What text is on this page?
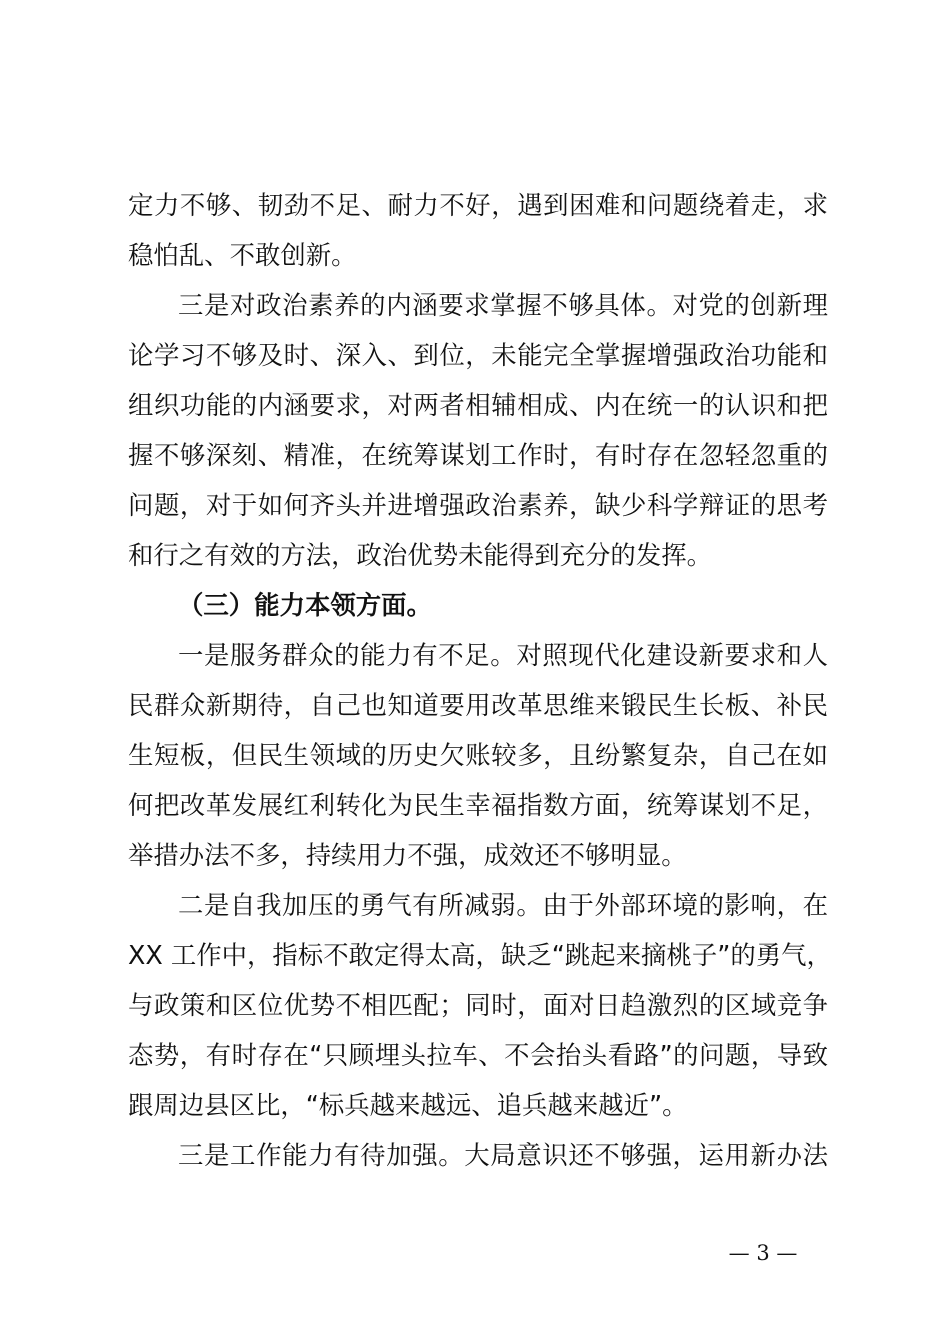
定力不够、韧劲不足、耐力不好，遇到困难和问题绕着走，求
稳怕乱、不敢创新。
三是对政治素养的内涵要求掌握不够具体。对党的创新理
论学习不够及时、深入、到位，未能完全掌握增强政治功能和
组织功能的内涵要求，对两者相辅相成、内在统一的认识和把
握不够深刻、精准，在统筹谋划工作时，有时存在忽轻忽重的
问题，对于如何齐头并进增强政治素养，缺少科学辩证的思考
和行之有效的方法，政治优势未能得到充分的发挥。
（三）能力本领方面。
一是服务群众的能力有不足。对照现代化建设新要求和人
民群众新期待，自己也知道要用改革思维来锻民生长板、补民
生短板，但民生领域的历史欠账较多，且纷繁复杂，自己在如
何把改革发展红利转化为民生幸福指数方面，统筹谋划不足，
举措办法不多，持续用力不强，成效还不够明显。
二是自我加压的勇气有所减弱。由于外部环境的影响，在
XX 工作中，指标不敢定得太高，缺乏“跳起来摘桃子”的勇气，
与政策和区位优势不相匹配；同时，面对日趋激烈的区域竞争
态势，有时存在“只顾埋头拉车、不会抬头看路”的问题，导致
跟周边县区比，“标兵越来越远、追兵越来越近”。
三是工作能力有待加强。大局意识还不够强，运用新办法
— 3 —
